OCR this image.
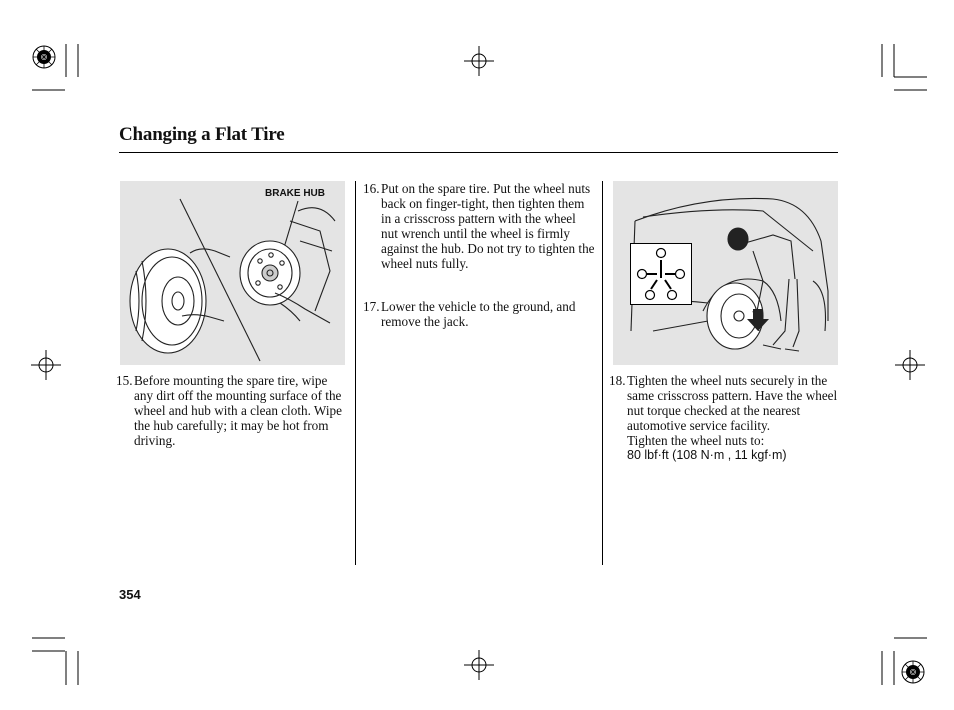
Changing a Flat Tire
BRAKE HUB
15. Before mounting the spare tire, wipe any dirt off the mounting surface of the wheel and hub with a clean cloth. Wipe the hub carefully; it may be hot from driving.
16. Put on the spare tire. Put the wheel nuts back on finger-tight, then tighten them in a crisscross pattern with the wheel nut wrench until the wheel is firmly against the hub. Do not try to tighten the wheel nuts fully.
17. Lower the vehicle to the ground, and remove the jack.
18. Tighten the wheel nuts securely in the same crisscross pattern. Have the wheel nut torque checked at the nearest automotive service facility.
Tighten the wheel nuts to:
80 lbf·ft (108 N·m , 11 kgf·m)
354
